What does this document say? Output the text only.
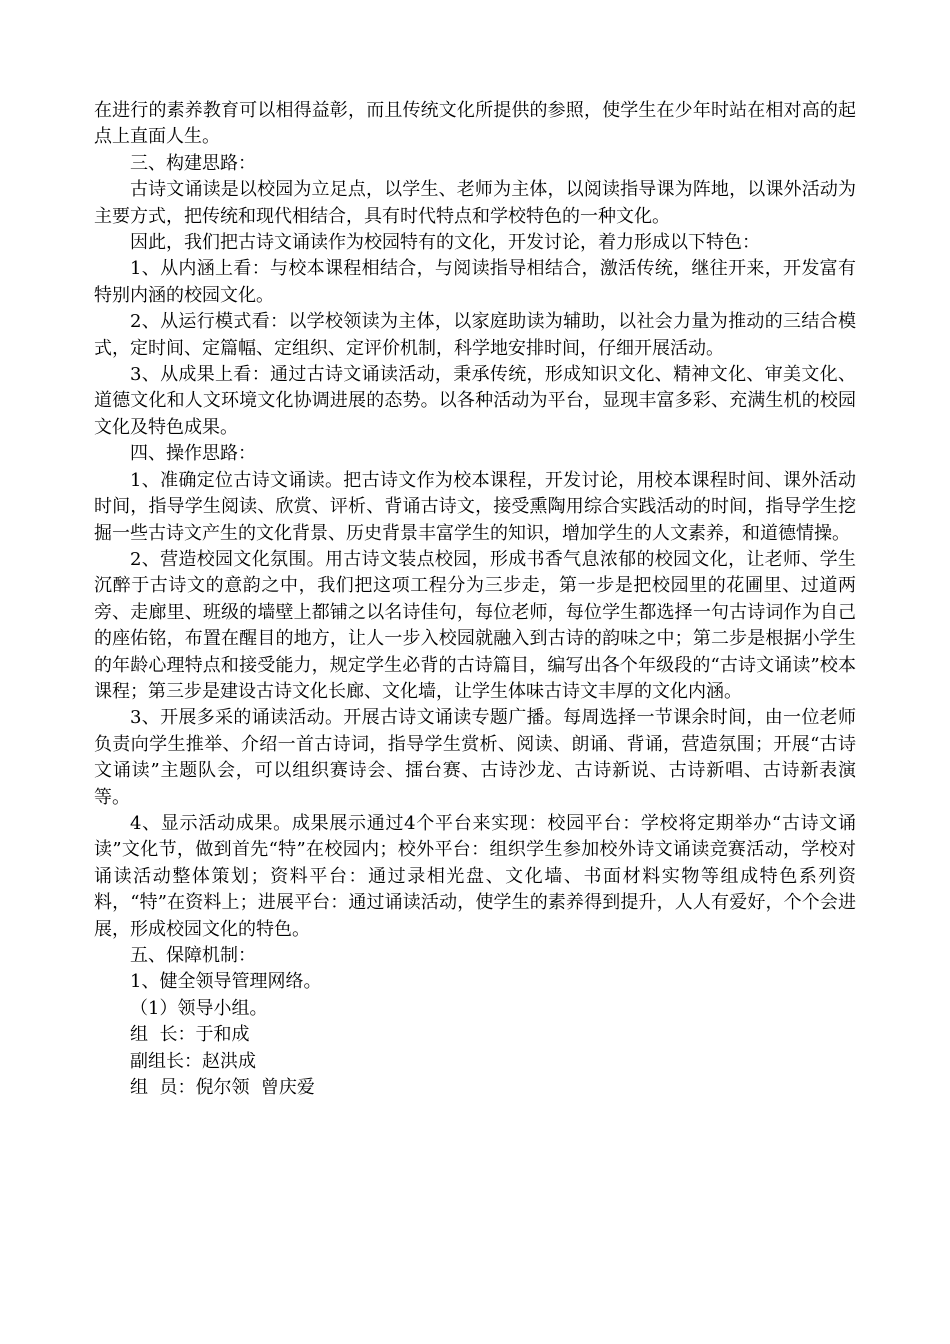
在进行的素养教育可以相得益彰，而且传统文化所提供的参照，使学生在少年时站在相对高的起点上直面人生。

三、构建思路：

古诗文诵读是以校园为立足点，以学生、老师为主体，以阅读指导课为阵地，以课外活动为主要方式，把传统和现代相结合，具有时代特点和学校特色的一种文化。

因此，我们把古诗文诵读作为校园特有的文化，开发讨论，着力形成以下特色：

1、从内涵上看：与校本课程相结合，与阅读指导相结合，激活传统，继往开来，开发富有特别内涵的校园文化。

2、从运行模式看：以学校领读为主体，以家庭助读为辅助，以社会力量为推动的三结合模式，定时间、定篇幅、定组织、定评价机制，科学地安排时间，仔细开展活动。

3、从成果上看：通过古诗文诵读活动，秉承传统，形成知识文化、精神文化、审美文化、道德文化和人文环境文化协调进展的态势。以各种活动为平台，显现丰富多彩、充满生机的校园文化及特色成果。

四、操作思路：

1、准确定位古诗文诵读。把古诗文作为校本课程，开发讨论，用校本课程时间、课外活动时间，指导学生阅读、欣赏、评析、背诵古诗文，接受熏陶用综合实践活动的时间，指导学生挖掘一些古诗文产生的文化背景、历史背景丰富学生的知识，增加学生的人文素养，和道德情操。

2、营造校园文化氛围。用古诗文装点校园，形成书香气息浓郁的校园文化，让老师、学生沉醉于古诗文的意韵之中，我们把这项工程分为三步走，第一步是把校园里的花圃里、过道两旁、走廊里、班级的墙壁上都铺之以名诗佳句，每位老师，每位学生都选择一句古诗词作为自己的座佑铭，布置在醒目的地方，让人一步入校园就融入到古诗的韵味之中；第二步是根据小学生的年龄心理特点和接受能力，规定学生必背的古诗篇目，编写出各个年级段的“古诗文诵读”校本课程；第三步是建设古诗文化长廊、文化墙，让学生体味古诗文丰厚的文化内涵。

3、开展多采的诵读活动。开展古诗文诵读专题广播。每周选择一节课余时间，由一位老师负责向学生推举、介绍一首古诗词，指导学生赏析、阅读、朗诵、背诵，营造氛围；开展“古诗文诵读”主题队会，可以组织赛诗会、擂台赛、古诗沙龙、古诗新说、古诗新唱、古诗新表演等。

4、显示活动成果。成果展示通过4个平台来实现：校园平台：学校将定期举办“古诗文诵读”文化节，做到首先“特”在校园内；校外平台：组织学生参加校外诗文诵读竞赛活动，学校对诵读活动整体策划；资料平台：通过录相光盘、文化墙、书面材料实物等组成特色系列资料，“特”在资料上；进展平台：通过诵读活动，使学生的素养得到提升，人人有爱好，个个会进展，形成校园文化的特色。

五、保障机制：

1、健全领导管理网络。

（1）领导小组。

组  长：于和成

副组长：赵洪成

组  员：倪尔领  曾庆爱
